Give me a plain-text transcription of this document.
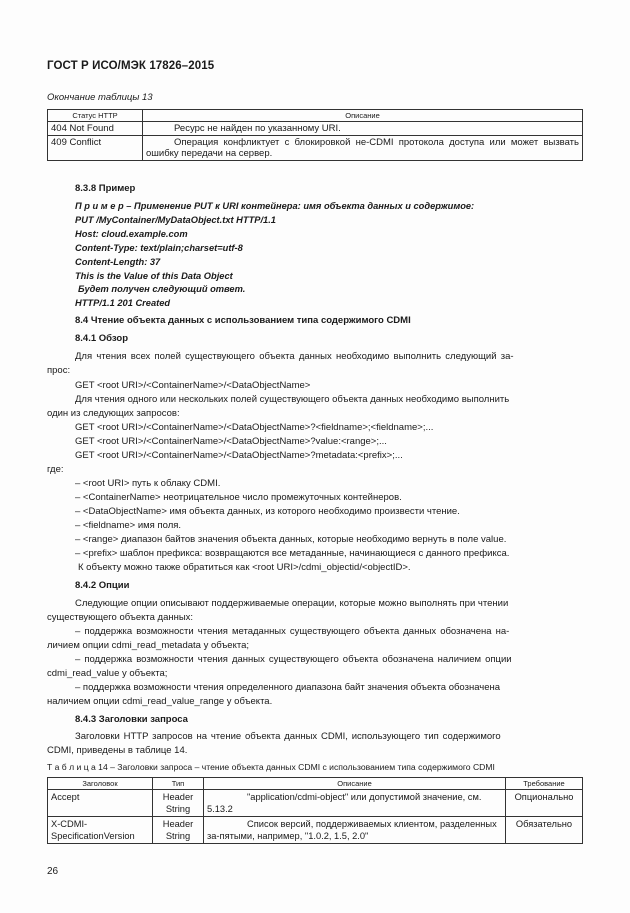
ГОСТ Р ИСО/МЭК 17826–2015
Окончание таблицы 13
Статус HTTP	Описание
404 Not Found	Ресурс не найден по указанному URI.
409 Conflict	Операция конфликтует с блокировкой не-CDMI протокола доступа или может вызвать ошибку передачи на сервер.
8.3.8 Пример
П р и м е р – Применение PUT к URI контейнера: имя объекта данных и содержимое:
PUT /MyContainer/MyDataObject.txt HTTP/1.1
Host: cloud.example.com
Content-Type: text/plain;charset=utf-8
Content-Length: 37
This is the Value of this Data Object
Будет получен следующий ответ.
HTTP/1.1 201 Created
8.4 Чтение объекта данных с использованием типа содержимого CDMI
8.4.1 Обзор
Для чтения всех полей существующего объекта данных необходимо выполнить следующий за-
прос:
GET <root URI>/<ContainerName>/<DataObjectName>
Для чтения одного или нескольких полей существующего объекта данных необходимо выполнить
один из следующих запросов:
GET <root URI>/<ContainerName>/<DataObjectName>?<fieldname>;<fieldname>;...
GET <root URI>/<ContainerName>/<DataObjectName>?value:<range>;...
GET <root URI>/<ContainerName>/<DataObjectName>?metadata:<prefix>;...
где:
– <root URI> путь к облаку CDMI.
– <ContainerName> неотрицательное число промежуточных контейнеров.
– <DataObjectName> имя объекта данных, из которого необходимо произвести чтение.
– <fieldname> имя поля.
– <range> диапазон байтов значения объекта данных, которые необходимо вернуть в поле value.
– <prefix> шаблон префикса: возвращаются все метаданные, начинающиеся с данного префикса.
К объекту можно также обратиться как <root URI>/cdmi_objectid/<objectID>.
8.4.2 Опции
Следующие опции описывают поддерживаемые операции, которые можно выполнять при чтении
существующего объекта данных:
– поддержка возможности чтения метаданных существующего объекта данных обозначена на-
личием опции cdmi_read_metadata у объекта;
– поддержка возможности чтения данных существующего объекта обозначена наличием опции
cdmi_read_value у объекта;
– поддержка возможности чтения определенного диапазона байт значения объекта обозначена
наличием опции cdmi_read_value_range у объекта.
8.4.3 Заголовки запроса
Заголовки HTTP запросов на чтение объекта данных CDMI, использующего тип содержимого
CDMI, приведены в таблице 14.
Т а б л и ц а 14 – Заголовки запроса – чтение объекта данных CDMI с использованием типа содержимого CDMI
Заголовок	Тип	Описание	Требование
Accept	Header String	"application/cdmi-object" или допустимой значение, см. 5.13.2	Опционально
X-CDMI-SpecificationVersion	Header String	Список версий, поддерживаемых клиентом, разделенных за-пятыми, например, "1.0.2, 1.5, 2.0"	Обязательно
26
